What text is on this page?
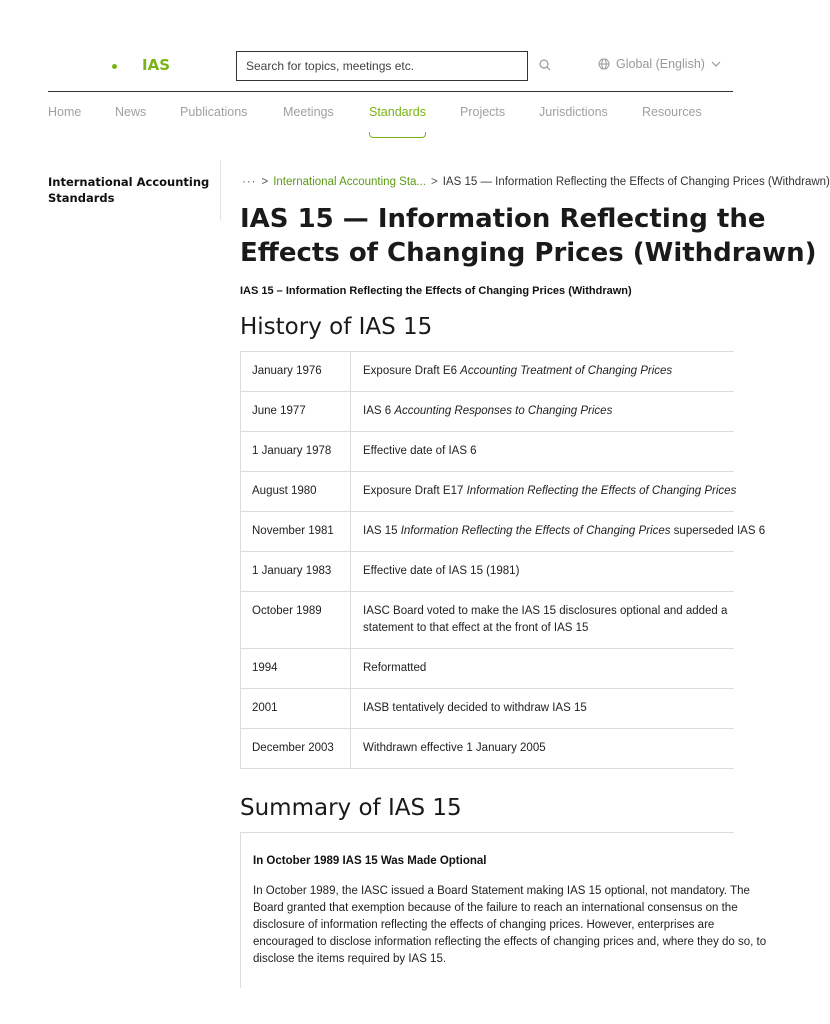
IAS
Search for topics, meetings etc.	Global (English)
Home	News	Publications	Meetings	Standards	Projects	Jurisdictions	Resources
International Accounting Standards
··· > International Accounting Sta... > IAS 15 — Information Reflecting the Effects of Changing Prices (Withdrawn)
IAS 15 — Information Reflecting the
Effects of Changing Prices (Withdrawn)
IAS 15 – Information Reflecting the Effects of Changing Prices (Withdrawn)
History of IAS 15
January 1976	Exposure Draft E6 Accounting Treatment of Changing Prices
June 1977	IAS 6 Accounting Responses to Changing Prices
1 January 1978	Effective date of IAS 6
August 1980	Exposure Draft E17 Information Reflecting the Effects of Changing Prices
November 1981	IAS 15 Information Reflecting the Effects of Changing Prices superseded IAS 6
1 January 1983	Effective date of IAS 15 (1981)
October 1989	IASC Board voted to make the IAS 15 disclosures optional and added a statement to that effect at the front of IAS 15
1994	Reformatted
2001	IASB tentatively decided to withdraw IAS 15
December 2003	Withdrawn effective 1 January 2005
Summary of IAS 15
In October 1989 IAS 15 Was Made Optional
In October 1989, the IASC issued a Board Statement making IAS 15 optional, not mandatory. The Board granted that exemption because of the failure to reach an international consensus on the disclosure of information reflecting the effects of changing prices. However, enterprises are encouraged to disclose information reflecting the effects of changing prices and, where they do so, to disclose the items required by IAS 15.
